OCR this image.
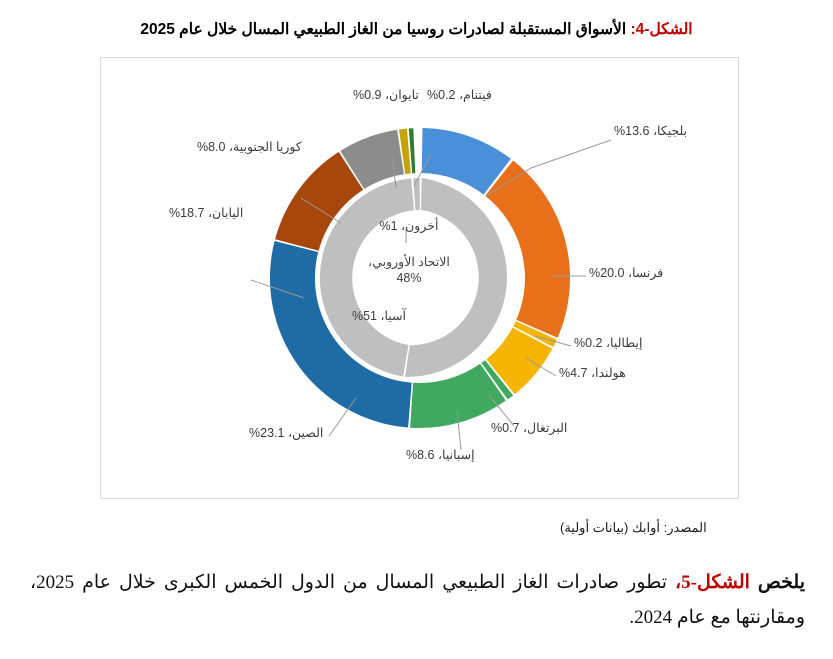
الشكل-4: الأسواق المستقبلة لصادرات روسيا من الغاز الطبيعي المسال خلال عام 2025
بلجيكا، 13.6%
فرنسا، 20.0%
إيطاليا، 0.2%
هولندا، 4.7%
البرتغال، 0.7%
إسبانيا، 8.6%
الصين، 23.1%
اليابان، 18.7%
كوريا الجنوبية، 8.0%
تايوان، 0.9% فيتنام، 0.2%
أخرون، 1%
الاتحاد الأوروبي،
48%
آسيا، 51%
المصدر: أوابك (بيانات أولية)
يلخص الشكل-5، تطور صادرات الغاز الطبيعي المسال من الدول الخمس الكبرى خلال عام 2025، ومقارنتها مع عام 2024.
